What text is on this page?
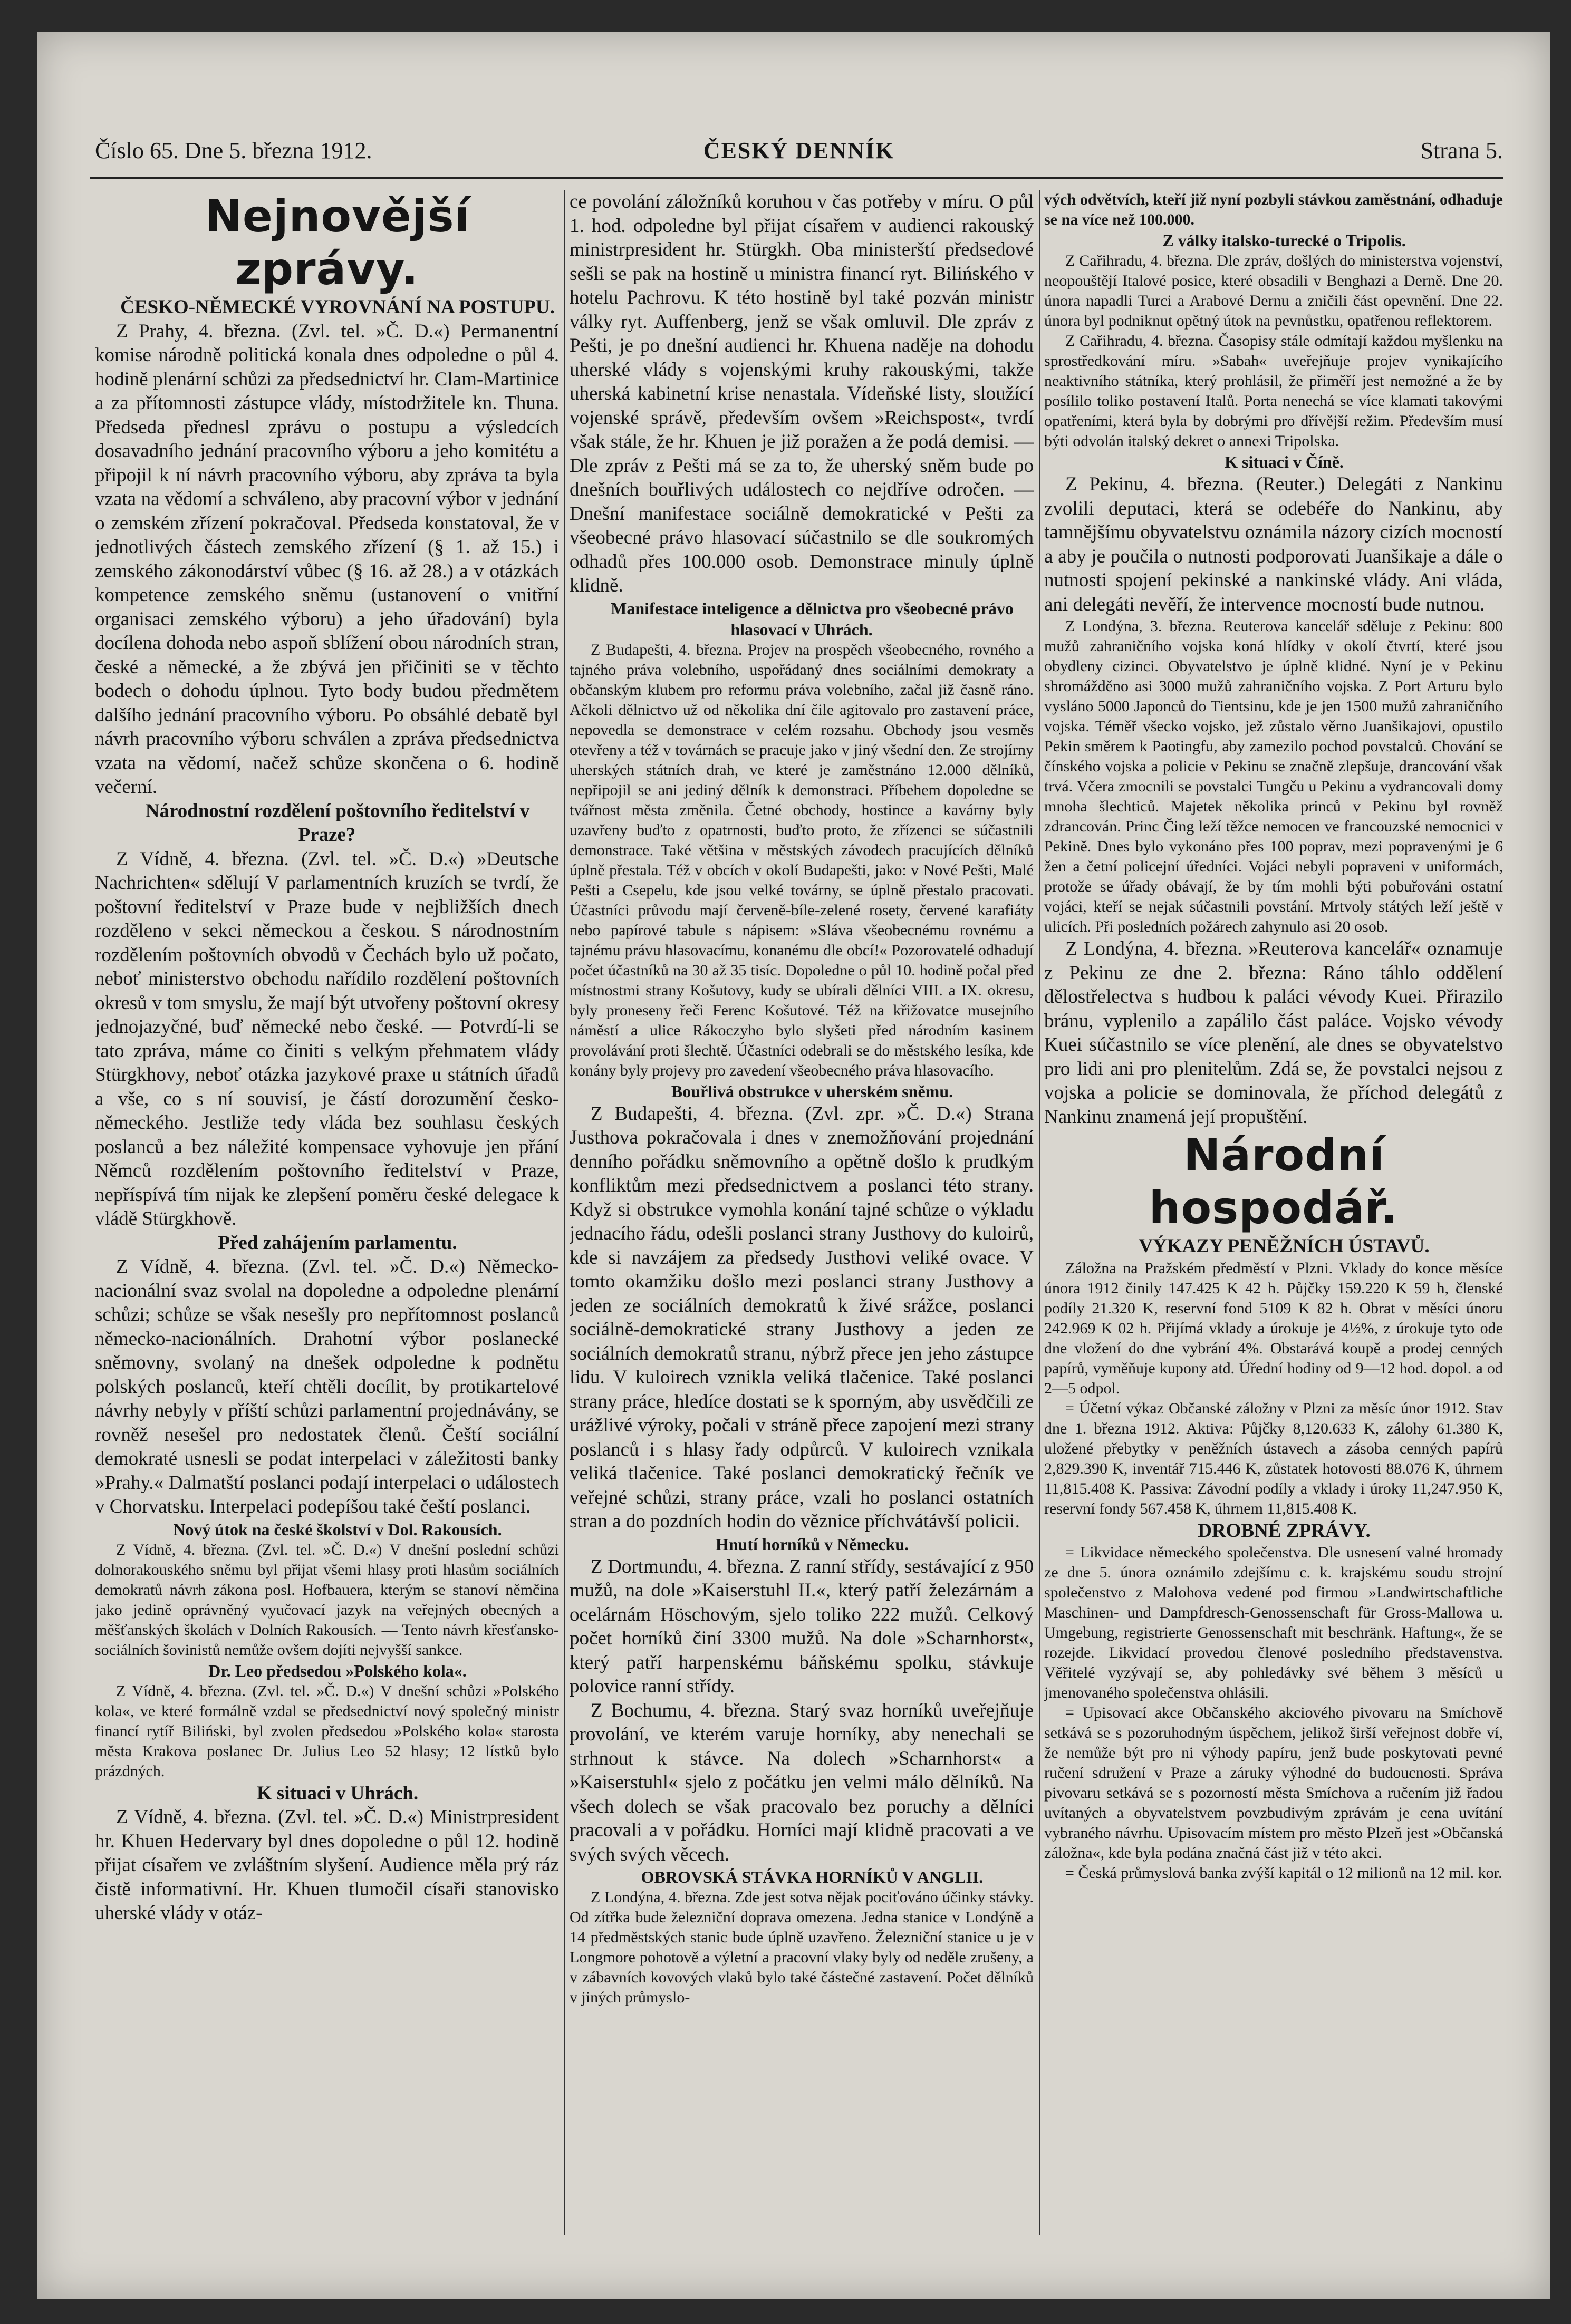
Číslo 65. Dne 5. března 1912.	ČESKÝ DENNÍK	Strana 5.

Nejnovější zprávy.

ČESKO-NĚMECKÉ VYROVNÁNÍ NA POSTUPU.

Z Prahy, 4. března. (Zvl. tel. »Č. D.«) Permanentní komise národně politická konala dnes odpoledne o půl 4. hodině plenární schůzi za předsednictví hr. Clam-Martinice a za přítomnosti zástupce vlády, místodržitele kn. Thuna. Předseda přednesl zprávu o postupu a výsledcích dosavadního jednání pracovního výboru a jeho komitétu a připojil k ní návrh pracovního výboru, aby zpráva ta byla vzata na vědomí a schváleno, aby pracovní výbor v jednání o zemském zřízení pokračoval. Předseda konstatoval, že v jednotlivých částech zemského zřízení (§ 1. až 15.) i zemského zákonodárství vůbec (§ 16. až 28.) a v otázkách kompetence zemského sněmu (ustanovení o vnitřní organisaci zemského výboru) a jeho úřadování) byla docílena dohoda nebo aspoň sblížení obou národních stran, české a německé, a že zbývá jen přičiniti se v těchto bodech o dohodu úplnou. Tyto body budou předmětem dalšího jednání pracovního výboru. Po obsáhlé debatě byl návrh pracovního výboru schválen a zpráva předsednictva vzata na vědomí, načež schůze skončena o 6. hodině večerní.

Národnostní rozdělení poštovního ředitelství v Praze?

Z Vídně, 4. března. (Zvl. tel. »Č. D.«) »Deutsche Nachrichten« sdělují V parlamentních kruzích se tvrdí, že poštovní ředitelství v Praze bude v nejbližších dnech rozděleno v sekci německou a českou. S národnostním rozdělením poštovních obvodů v Čechách bylo už počato, neboť ministerstvo obchodu nařídilo rozdělení poštovních okresů v tom smyslu, že mají být utvořeny poštovní okresy jednojazyčné, buď německé nebo české. — Potvrdí-li se tato zpráva, máme co činiti s velkým přehmatem vlády Stürgkhovy, neboť otázka jazykové praxe u státních úřadů a vše, co s ní souvisí, je částí dorozumění česko-německého. Jestliže tedy vláda bez souhlasu českých poslanců a bez náležité kompensace vyhovuje jen přání Němců rozdělením poštovního ředitelství v Praze, nepříspívá tím nijak ke zlepšení poměru české delegace k vládě Stürgkhově.

Před zahájením parlamentu.

Z Vídně, 4. března. (Zvl. tel. »Č. D.«) Německo-nacionální svaz svolal na dopoledne a odpoledne plenární schůzi; schůze se však nesešly pro nepřítomnost poslanců německo-nacionálních. Drahotní výbor poslanecké sněmovny, svolaný na dnešek odpoledne k podnětu polských poslanců, kteří chtěli docílit, by protikartelové návrhy nebyly v příští schůzi parlamentní projednávány, se rovněž nesešel pro nedostatek členů. Čeští sociální demokraté usnesli se podat interpelaci v záležitosti banky »Prahy.« Dalmatští poslanci podají interpelaci o událostech v Chorvatsku. Interpelaci podepíšou také čeští poslanci.

Nový útok na české školství v Dol. Rakousích.

Z Vídně, 4. března. (Zvl. tel. »Č. D.«) V dnešní poslední schůzi dolnorakouského sněmu byl přijat všemi hlasy proti hlasům sociálních demokratů návrh zákona posl. Hofbauera, kterým se stanoví němčina jako jedině oprávněný vyučovací jazyk na veřejných obecných a měšťanských školách v Dolních Rakousích. — Tento návrh křesťansko-sociálních šovinistů nemůže ovšem dojíti nejvyšší sankce.

Dr. Leo předsedou »Polského kola«.

Z Vídně, 4. března. (Zvl. tel. »Č. D.«) V dnešní schůzi »Polského kola«, ve které formálně vzdal se předsednictví nový společný ministr financí rytíř Biliński, byl zvolen předsedou »Polského kola« starosta města Krakova poslanec Dr. Julius Leo 52 hlasy; 12 lístků bylo prázdných.

K situaci v Uhrách.

Z Vídně, 4. března. (Zvl. tel. »Č. D.«) Ministrpresident hr. Khuen Hedervary byl dnes dopoledne o půl 12. hodině přijat císařem ve zvláštním slyšení. Audience měla prý ráz čistě informativní. Hr. Khuen tlumočil císaři stanovisko uherské vlády v otáz-

ce povolání záložníků koruhou v čas potřeby v míru. O půl 1. hod. odpoledne byl přijat císařem v audienci rakouský ministrpresident hr. Stürgkh. Oba ministerští předsedové sešli se pak na hostině u ministra financí ryt. Bilińského v hotelu Pachrovu. K této hostině byl také pozván ministr války ryt. Auffenberg, jenž se však omluvil. Dle zpráv z Pešti, je po dnešní audienci hr. Khuena naděje na dohodu uherské vlády s vojenskými kruhy rakouskými, takže uherská kabinetní krise nenastala. Vídeňské listy, sloužící vojenské správě, především ovšem »Reichspost«, tvrdí však stále, že hr. Khuen je již poražen a že podá demisi. — Dle zpráv z Pešti má se za to, že uherský sněm bude po dnešních bouřlivých událostech co nejdříve odročen. — Dnešní manifestace sociálně demokratické v Pešti za všeobecné právo hlasovací súčastnilo se dle soukromých odhadů přes 100.000 osob. Demonstrace minuly úplně klidně.

Manifestace inteligence a dělnictva pro všeobecné právo hlasovací v Uhrách.

Z Budapešti, 4. března. Projev na prospěch všeobecného, rovného a tajného práva volebního, uspořádaný dnes sociálními demokraty a občanským klubem pro reformu práva volebního, začal již časně ráno. Ačkoli dělnictvo už od několika dní čile agitovalo pro zastavení práce, nepovedla se demonstrace v celém rozsahu. Obchody jsou vesměs otevřeny a též v továrnách se pracuje jako v jiný všední den. Ze strojírny uherských státních drah, ve které je zaměstnáno 12.000 dělníků, nepřipojil se ani jediný dělník k demonstraci. Příbehem dopoledne se tvářnost města změnila. Četné obchody, hostince a kavárny byly uzavřeny buďto z opatrnosti, buďto proto, že zřízenci se súčastnili demonstrace. Také většina v městských závodech pracujících dělníků úplně přestala. Též v obcích v okolí Budapešti, jako: v Nové Pešti, Malé Pešti a Csepelu, kde jsou velké továrny, se úplně přestalo pracovati. Účastníci průvodu mají červeně-bíle-zelené rosety, červené karafiáty nebo papírové tabule s nápisem: »Sláva všeobecnému rovnému a tajnému právu hlasovacímu, konanému dle obcí!« Pozorovatelé odhadují počet účastníků na 30 až 35 tisíc. Dopoledne o půl 10. hodině počal před místnostmi strany Košutovy, kudy se ubírali dělníci VIII. a IX. okresu, byly proneseny řeči Ferenc Košutové. Též na křižovatce musejního náměstí a ulice Rákoczyho bylo slyšeti před národním kasinem provolávání proti šlechtě. Účastníci odebrali se do městského lesíka, kde konány byly projevy pro zavedení všeobecného práva hlasovacího.

Bouřlivá obstrukce v uherském sněmu.

Z Budapešti, 4. března. (Zvl. zpr. »Č. D.«) Strana Justhova pokračovala i dnes v znemožňování projednání denního pořádku sněmovního a opětně došlo k prudkým konfliktům mezi předsednictvem a poslanci této strany. Když si obstrukce vymohla konání tajné schůze o výkladu jednacího řádu, odešli poslanci strany Justhovy do kuloirů, kde si navzájem za předsedy Justhovi veliké ovace. V tomto okamžiku došlo mezi poslanci strany Justhovy a jeden ze sociálních demokratů k živé srážce, poslanci sociálně-demokratické strany Justhovy a jeden ze sociálních demokratů stranu, nýbrž přece jen jeho zástupce lidu. V kuloirech vznikla veliká tlačenice. Také poslanci strany práce, hledíce dostati se k sporným, aby usvědčili ze urážlivé výroky, počali v stráně přece zapojení mezi strany poslanců i s hlasy řady odpůrců. V kuloirech vznikala veliká tlačenice. Také poslanci demokratický řečník ve veřejné schůzi, strany práce, vzali ho poslanci ostatních stran a do pozdních hodin do věznice příchvátávší policii.

Hnutí horníků v Německu.

Z Dortmundu, 4. března. Z ranní střídy, sestávající z 950 mužů, na dole »Kaiserstuhl II.«, který patří železárnám a ocelárnám Höschovým, sjelo toliko 222 mužů. Celkový počet horníků činí 3300 mužů. Na dole »Scharnhorst«, který patří harpenskému báňskému spolku, stávkuje polovice ranní střídy.

Z Bochumu, 4. března. Starý svaz horníků uveřejňuje provolání, ve kterém varuje horníky, aby nenechali se strhnout k stávce. Na dolech »Scharnhorst« a »Kaiserstuhl« sjelo z počátku jen velmi málo dělníků. Na všech dolech se však pracovalo bez poruchy a dělníci pracovali a v pořádku. Horníci mají klidně pracovati a ve svých svých věcech.

OBROVSKÁ STÁVKA HORNÍKŮ V ANGLII.

Z Londýna, 4. března. Zde jest sotva nějak pociťováno účinky stávky. Od zítřka bude železniční doprava omezena. Jedna stanice v Londýně a 14 předměstských stanic bude úplně uzavřeno. Železniční stanice u je v Longmore pohotově a výletní a pracovní vlaky byly od neděle zrušeny, a v zábavních kovových vlaků bylo také částečné zastavení. Počet dělníků v jiných průmyslo-

vých odvětvích, kteří již nyní pozbyli stávkou zaměstnání, odhaduje se na více než 100.000.

Z války italsko-turecké o Tripolis.

Z Cařihradu, 4. března. Dle zpráv, došlých do ministerstva vojenství, neopouštějí Italové posice, které obsadili v Benghazi a Derně. Dne 20. února napadli Turci a Arabové Dernu a zničili část opevnění. Dne 22. února byl podniknut opětný útok na pevnůstku, opatřenou reflektorem.

Z Cařihradu, 4. března. Časopisy stále odmítají každou myšlenku na sprostředkování míru. »Sabah« uveřejňuje projev vynikajícího neaktivního státníka, který prohlásil, že přiměří jest nemožné a že by posílilo toliko postavení Italů. Porta nenechá se více klamati takovými opatřeními, která byla by dobrými pro dřívější režim. Především musí býti odvolán italský dekret o annexi Tripolska.

K situaci v Číně.

Z Pekinu, 4. března. (Reuter.) Delegáti z Nankinu zvolili deputaci, která se odebéře do Nankinu, aby tamnějšímu obyvatelstvu oznámila názory cizích mocností a aby je poučila o nutnosti podporovati Juanšikaje a dále o nutnosti spojení pekinské a nankinské vlády. Ani vláda, ani delegáti nevěří, že intervence mocností bude nutnou.

Z Londýna, 3. března. Reuterova kancelář sděluje z Pekinu: 800 mužů zahraničního vojska koná hlídky v okolí čtvrtí, které jsou obydleny cizinci. Obyvatelstvo je úplně klidné. Nyní je v Pekinu shromážděno asi 3000 mužů zahraničního vojska. Z Port Arturu bylo vysláno 5000 Japonců do Tientsinu, kde je jen 1500 mužů zahraničního vojska. Téměř všecko vojsko, jež zůstalo věrno Juanšikajovi, opustilo Pekin směrem k Paotingfu, aby zamezilo pochod povstalců. Chování se čínského vojska a policie v Pekinu se značně zlepšuje, drancování však trvá. Včera zmocnili se povstalci Tungču u Pekinu a vydrancovali domy mnoha šlechticů. Majetek několika princů v Pekinu byl rovněž zdrancován. Princ Čing leží těžce nemocen ve francouzské nemocnici v Pekině. Dnes bylo vykonáno přes 100 poprav, mezi popravenými je 6 žen a četní policejní úředníci. Vojáci nebyli popraveni v uniformách, protože se úřady obávají, že by tím mohli býti pobuřováni ostatní vojáci, kteří se nejak súčastnili povstání. Mrtvoly státých leží ještě v ulicích. Při posledních požárech zahynulo asi 20 osob.

Z Londýna, 4. března. »Reuterova kancelář« oznamuje z Pekinu ze dne 2. března: Ráno táhlo oddělení dělostřelectva s hudbou k paláci vévody Kuei. Přirazilo bránu, vyplenilo a zapálilo část paláce. Vojsko vévody Kuei súčastnilo se více plenění, ale dnes se obyvatelstvo pro lidi ani pro plenitelům. Zdá se, že povstalci nejsou z vojska a policie se dominovala, že příchod delegátů z Nankinu znamená její propuštění.

Národní hospodář.

VÝKAZY PENĚŽNÍCH ÚSTAVŮ.

Záložna na Pražském předměstí v Plzni. Vklady do konce měsíce února 1912 činily 147.425 K 42 h. Půjčky 159.220 K 59 h, členské podíly 21.320 K, reservní fond 5109 K 82 h. Obrat v měsíci únoru 242.969 K 02 h. Přijímá vklady a úrokuje je 4½%, z úrokuje tyto ode dne vložení do dne vybrání 4%. Obstarává koupě a prodej cenných papírů, vyměňuje kupony atd. Úřední hodiny od 9—12 hod. dopol. a od 2—5 odpol.

= Účetní výkaz Občanské záložny v Plzni za měsíc únor 1912. Stav dne 1. března 1912. Aktiva: Půjčky 8,120.633 K, zálohy 61.380 K, uložené přebytky v peněžních ústavech a zásoba cenných papírů 2,829.390 K, inventář 715.446 K, zůstatek hotovosti 88.076 K, úhrnem 11,815.408 K. Passiva: Závodní podíly a vklady i úroky 11,247.950 K, reservní fondy 567.458 K, úhrnem 11,815.408 K.

DROBNÉ ZPRÁVY.

= Likvidace německého společenstva. Dle usnesení valné hromady ze dne 5. února oznámilo zdejšímu c. k. krajskému soudu strojní společenstvo z Malohova vedené pod firmou »Landwirtschaftliche Maschinen- und Dampfdresch-Genossenschaft für Gross-Mallowa u. Umgebung, registrierte Genossenschaft mit beschränk. Haftung«, že se rozejde. Likvidací provedou členové posledního představenstva. Věřitelé vyzývají se, aby pohledávky své během 3 měsíců u jmenovaného společenstva ohlásili.

= Upisovací akce Občanského akciového pivovaru na Smíchově setkává se s pozoruhodným úspěchem, jelikož širší veřejnost dobře ví, že nemůže být pro ni výhody papíru, jenž bude poskytovati pevné ručení sdružení v Praze a záruky výhodné do budoucnosti. Správa pivovaru setkává se s pozorností města Smíchova a ručením již řadou uvítaných a obyvatelstvem povzbudivým zprávám je cena uvítání vybraného návrhu. Upisovacím místem pro město Plzeň jest »Občanská záložna«, kde byla podána značná část již v této akci.

= Česká průmyslová banka zvýší kapitál o 12 milionů na 12 mil. kor.
